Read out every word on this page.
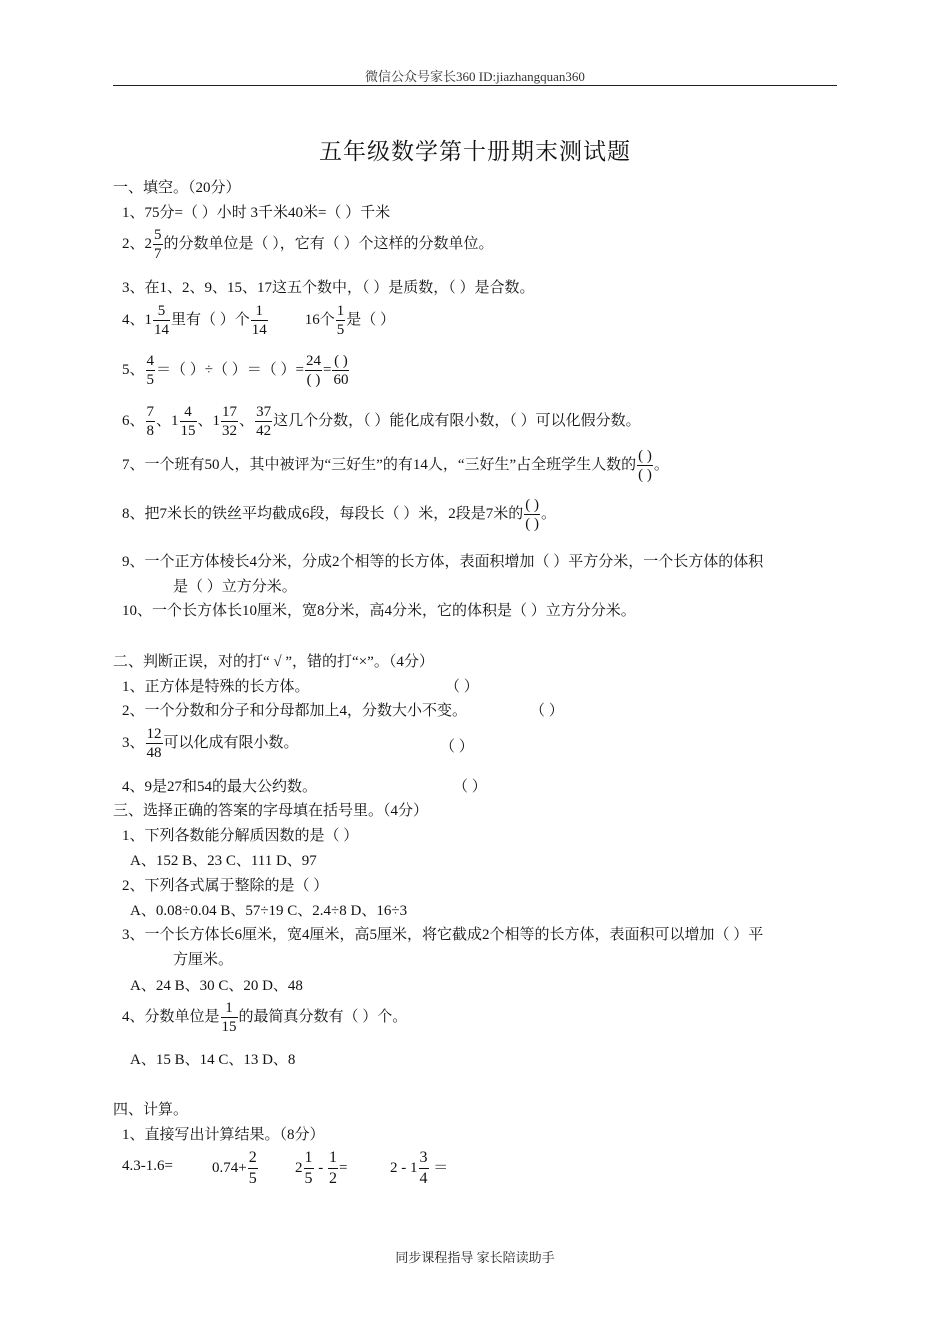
微信公众号家长360 ID:jiazhangquan360
五年级数学第十册期末测试题
一、填空。（20分）
1、75分=（ ）小时 3千米40米=（ ）千米
2、$2 \frac{5}{7}$ 的分数单位是（ ），它有（ ）个这样的分数单位。
3、在1、2、9、15、17这五个数中，（ ）是质数，（ ）是合数。
4、$1 \frac{5}{14}$ 里有（ ）个 $\frac{1}{14} 16$个 $\frac{1}{5}$ 是（ ）
5、 $\frac{4}{5}$ ＝（ ）÷（ ）＝（ ）= $\frac{24}{( )} = \frac{( )}{60}$
6、 $\frac{7}{8}$ 、$1 \frac{4}{15}$ 、$1 \frac{17}{32}$ 、 $\frac{37}{42}$ 这几个分数，（ ）能化成有限小数，（ ）可以化假分数。
7、一个班有50人，其中被评为“三好生”的有14人，“三好生”占全班学生人数的 $\frac{( )}{( )}$ 。
8、把7米长的铁丝平均截成6段，每段长（ ）米，2段是7米的 $\frac{( )}{( )}$ 。
9、一个正方体棱长4分米，分成2个相等的长方体，表面积增加（ ）平方分米，一个长方体的体积
是（ ）立方分米。
10、一个长方体长10厘米，宽8分米，高4分米，它的体积是（ ）立方分分米。
二、判断正误，对的打“ √ ”，错的打“×”。（4分）
1、正方体是特殊的长方体。	（ ）
2、一个分数和分子和分母都加上4，分数大小不变。	（ ）
3、 $\frac{12}{48}$ 可以化成有限小数。	（ ）
4、9是27和54的最大公约数。	（ ）
三、选择正确的答案的字母填在括号里。（4分）
1、下列各数能分解质因数的是（ ）
A、152 B、23 C、111 D、97
2、下列各式属于整除的是（ ）
A、0.08÷0.04 B、57÷19 C、2.4÷8 D、16÷3
3、一个长方体长6厘米，宽4厘米，高5厘米，将它截成2个相等的长方体，表面积可以增加（ ）平
方厘米。
A、24 B、30 C、20 D、48
4、分数单位是 $\frac{1}{15}$ 的最简真分数有（ ）个。
A、15 B、14 C、13 D、8
四、计算。
1、直接写出计算结果。（8分）
4.3-1.6=	$0.74+ \frac{2}{5} 2 \frac{1}{5} - \frac{1}{2}$ =	$2 - 1 \frac{3}{4}$ ＝
同步课程指导 家长陪读助手
